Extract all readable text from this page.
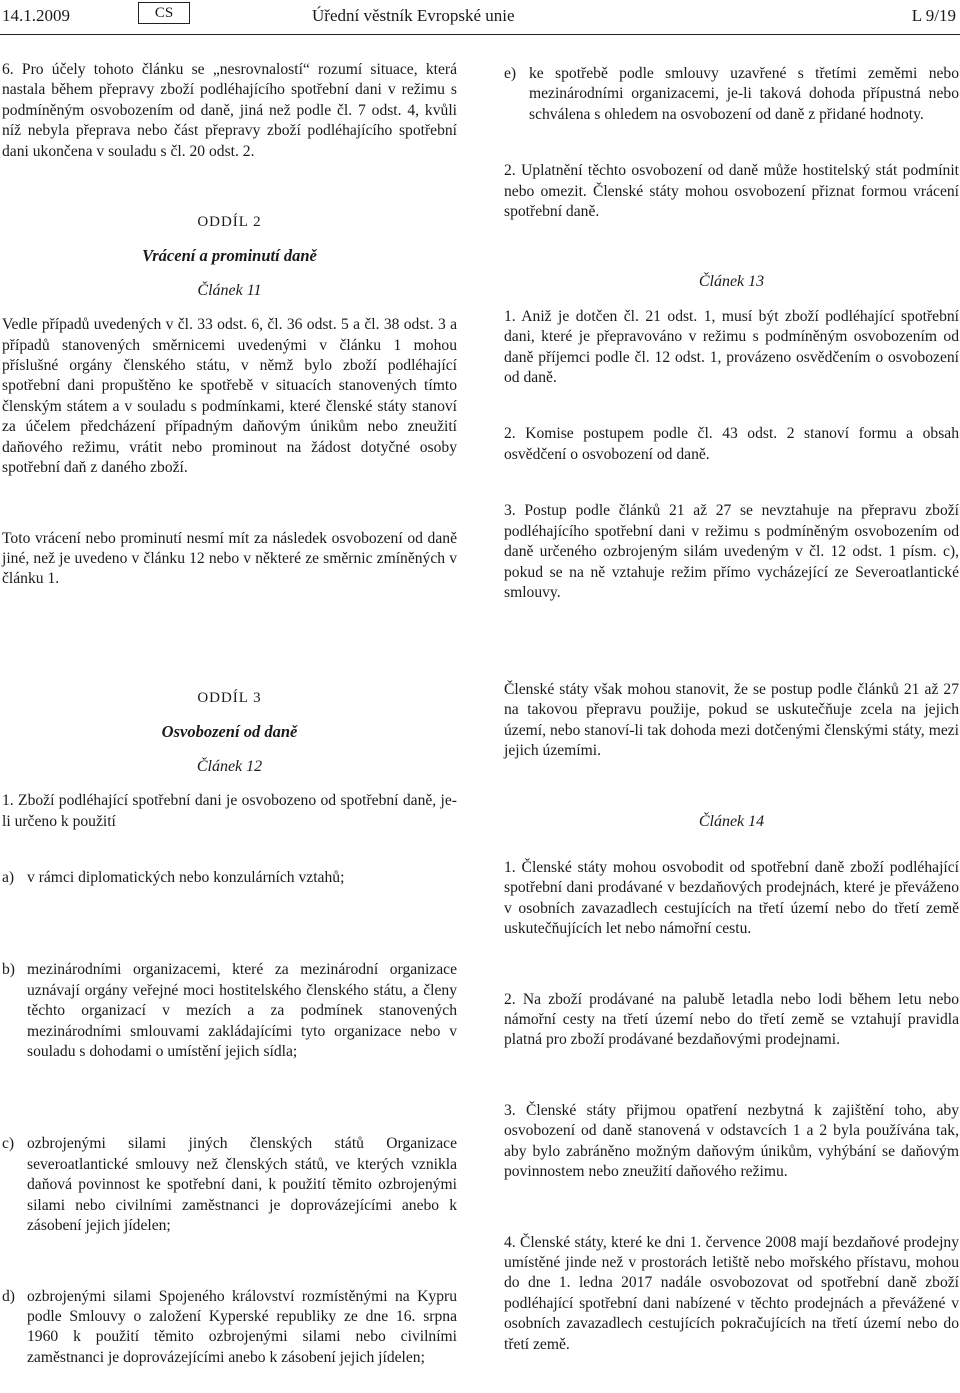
14.1.2009	CS	Úřední věstník Evropské unie	L 9/19

6. Pro účely tohoto článku se „nesrovnalostí“ rozumí situace, která nastala během přepravy zboží podléhajícího spotřební dani v režimu s podmíněným osvobozením od daně, jiná než podle čl. 7 odst. 4, kvůli níž nebyla přeprava nebo část přepravy zboží podléhajícího spotřební dani ukončena v souladu s čl. 20 odst. 2.

ODDÍL 2

Vrácení a prominutí daně

Článek 11

Vedle případů uvedených v čl. 33 odst. 6, čl. 36 odst. 5 a čl. 38 odst. 3 a případů stanovených směrnicemi uvedenými v článku 1 mohou příslušné orgány členského státu, v němž bylo zboží podléhající spotřební dani propuštěno ke spotřebě v situacích stanovených tímto členským státem a v souladu s podmínkami, které členské státy stanoví za účelem předcházení případným daňovým únikům nebo zneužití daňového režimu, vrátit nebo prominout na žádost dotyčné osoby spotřební daň z daného zboží.

Toto vrácení nebo prominutí nesmí mít za následek osvobození od daně jiné, než je uvedeno v článku 12 nebo v některé ze směrnic zmíněných v článku 1.

e) ke spotřebě podle smlouvy uzavřené s třetími zeměmi nebo mezinárodními organizacemi, je-li taková dohoda přípustná nebo schválena s ohledem na osvobození od daně z přidané hodnoty.

2. Uplatnění těchto osvobození od daně může hostitelský stát podmínit nebo omezit. Členské státy mohou osvobození přiznat formou vrácení spotřební daně.

Článek 13

1. Aniž je dotčen čl. 21 odst. 1, musí být zboží podléhající spotřební dani, které je přepravováno v režimu s podmíněným osvobozením od daně příjemci podle čl. 12 odst. 1, provázeno osvědčením o osvobození od daně.

2. Komise postupem podle čl. 43 odst. 2 stanoví formu a obsah osvědčení o osvobození od daně.

3. Postup podle článků 21 až 27 se nevztahuje na přepravu zboží podléhajícího spotřební dani v režimu s podmíněným osvobozením od daně určeného ozbrojeným silám uvedeným v čl. 12 odst. 1 písm. c), pokud se na ně vztahuje režim přímo vycházející ze Severoatlantické smlouvy.

ODDÍL 3

Osvobození od daně

Článek 12

1. Zboží podléhající spotřební dani je osvobozeno od spotřební daně, je-li určeno k použití

a) v rámci diplomatických nebo konzulárních vztahů;
b) mezinárodními organizacemi, které za mezinárodní organizace uznávají orgány veřejné moci hostitelského členského státu, a členy těchto organizací v mezích a za podmínek stanovených mezinárodními smlouvami zakládajícími tyto organizace nebo v souladu s dohodami o umístění jejich sídla;
c) ozbrojenými silami jiných členských států Organizace severoatlantické smlouvy než členských států, ve kterých vznikla daňová povinnost ke spotřební dani, k použití těmito ozbrojenými silami nebo civilními zaměstnanci je doprovázejícími anebo k zásobení jejich jídelen;
d) ozbrojenými silami Spojeného království rozmístěnými na Kypru podle Smlouvy o založení Kyperské republiky ze dne 16. srpna 1960 k použití těmito ozbrojenými silami nebo civilními zaměstnanci je doprovázejícími anebo k zásobení jejich jídelen;

Členské státy však mohou stanovit, že se postup podle článků 21 až 27 na takovou přepravu použije, pokud se uskutečňuje zcela na jejich území, nebo stanoví-li tak dohoda mezi dotčenými členskými státy, mezi jejich územími.

Článek 14

1. Členské státy mohou osvobodit od spotřební daně zboží podléhající spotřební dani prodávané v bezdaňových prodejnách, které je převáženo v osobních zavazadlech cestujících na třetí území nebo do třetí země uskutečňujících let nebo námořní cestu.

2. Na zboží prodávané na palubě letadla nebo lodi během letu nebo námořní cesty na třetí území nebo do třetí země se vztahují pravidla platná pro zboží prodávané bezdaňovými prodejnami.

3. Členské státy přijmou opatření nezbytná k zajištění toho, aby osvobození od daně stanovená v odstavcích 1 a 2 byla používána tak, aby bylo zabráněno možným daňovým únikům, vyhýbání se daňovým povinnostem nebo zneužití daňového režimu.

4. Členské státy, které ke dni 1. července 2008 mají bezdaňové prodejny umístěné jinde než v prostorách letiště nebo mořského přístavu, mohou do dne 1. ledna 2017 nadále osvobozovat od spotřební daně zboží podléhající spotřební dani nabízené v těchto prodejnách a převážené v osobních zavazadlech cestujících pokračujících na třetí území nebo do třetí země.
